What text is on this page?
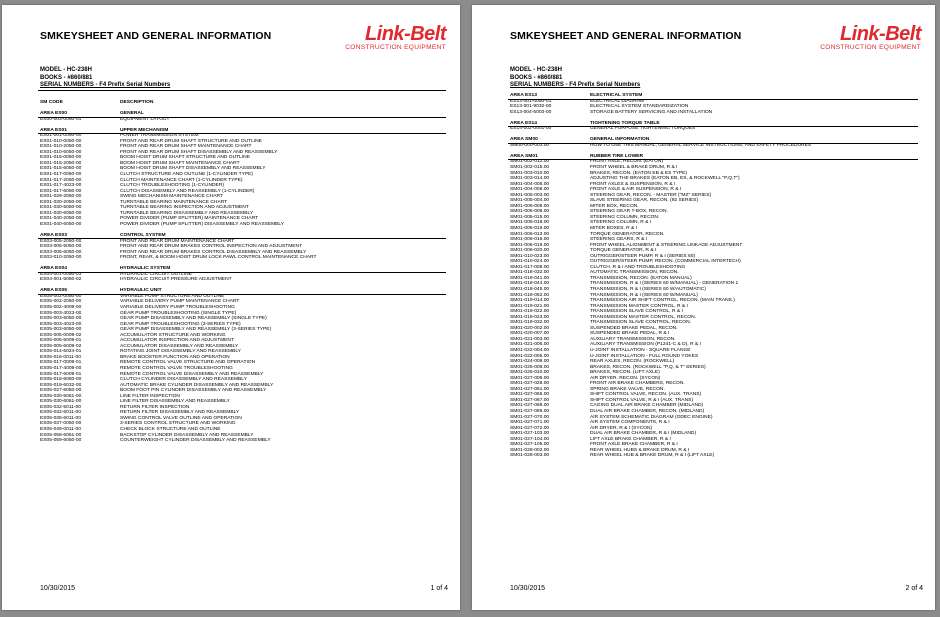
SMKEYSHEET AND GENERAL INFORMATION	Link-Belt
CONSTRUCTION EQUIPMENT
MODEL - HC-238H
BOOKS - #860/881
SERIAL NUMBERS - F4 Prefix Serial Numbers
SM CODE	DESCRIPTION
AREA ES00	GENERAL
ES00-003-0050-01	EQUIPMENT LAYOUT
AREA ES01	UPPER MECHANISM
ES01-001-0050-00	POWER TRANSMISSION SYSTEM
ES01-010-0050-00	FRONT AND REAR DRUM SHAFT STRUCTURE AND OUTLINE
ES01-010-2050-00	FRONT AND REAR DRUM SHAFT MAINTENANCE CHART
ES01-010-6050-00	FRONT AND REAR DRUM SHAFT DISASSEMBLY AND REASSEMBLY
ES01-015-0050-00	BOOM HOIST DRUM SHAFT STRUCTURE AND OUTLINE
ES01-015-2050-00	BOOM HOIST DRUM SHAFT MAINTENANCE CHART
ES01-015-6050-00	BOOM HOIST DRUM SHAFT DISASSEMBLY AND REASSEMBLY
ES01-017-0050-00	CLUTCH STRUCTURE AND OUTLINE (1-CYLINDER TYPE)
ES01-017-2050-00	CLUTCH MAINTENANCE CHART (1-CYLINDER TYPE)
ES01-017-4023-00	CLUTCH TROUBLESHOOTING (1-CYLINDER)
ES01-017-6050-00	CLUTCH DISASSEMBLY AND REASSEMBLY (1-CYLINDER)
ES01-029-2050-00	SWING MECHANISM MAINTENANCE CHART
ES01-030-2050-00	TURNTABLE BEARING MAINTENANCE CHART
ES01-030-5050-00	TURNTABLE BEARING INSPECTION AND ADJUSTMENT
ES01-030-6050-00	TURNTABLE BEARING DISASSEMBLY AND REASSEMBLY
ES01-040-2050-00	POWER DIVIDER (PUMP SPLITTER) MAINTENANCE CHART
ES01-040-6050-00	POWER DIVIDER (PUMP SPLITTER) DISASSEMBLY AND REASSEMBLY
AREA ES03	CONTROL SYSTEM
ES03-005-2050-00	FRONT AND REAR DRUM MAINTENANCE CHART
ES03-005-5050-00	FRONT AND REAR DRUM BRAKES CONTROL INSPECTION AND ADJUSTMENT
ES03-005-6050-00	FRONT AND REAR DRUM BRAKES CONTROL DISASSEMBLY AND REASSEMBLY
ES03-010-2050-00	FRONT, REAR, & BOOM HOIST DRUM LOCK PAWL CONTROL MAINTENANCE CHART
AREA ES04	HYDRAULIC SYSTEM
ES04-001-0050-03	HYDRAULIC CIRCUIT OUTLINE
ES04-001-5050-02	HYDRAULIC CIRCUIT PRESSURE ADJUSTMENT
AREA ES05	HYDRAULIC UNIT
ES05-002-0050-00	VARIABLE PUMP STRUCTURE AND OUTLINE
ES05-002-2050-00	VARIABLE DELIVERY PUMP MAINTENANCE CHART
ES05-002-4009-00	VARIABLE DELIVERY PUMP TROUBLESHOOTING
ES05-003-4023-00	GEAR PUMP TROUBLESHOOTING (SINGLE TYPE)
ES05-003-6050-00	GEAR PUMP DISASSEMBLY AND REASSEMBLY (SINGLE TYPE)
ES05-003-4023-00	GEAR PUMP TROUBLESHOOTING (3-SERIES TYPE)
ES05-003-6050-00	GEAR PUMP DISASSEMBLY AND REASSEMBLY (3-SERIES TYPE)
ES05-005-0009-02	ACCUMULATOR STRUCTURE AND WORKING
ES05-005-5009-01	ACCUMULATOR INSPECTION AND ADJUSTMENT
ES05-005-6009-02	ACCUMULATOR DISASSEMBLY AND REASSEMBLY
ES05-014-6024-01	ROTATING JOINT DISASSEMBLY AND REASSEMBLY
ES05-016-0011-00	BRAKE BOOSTER FUNCTION AND OPERATION
ES05-017-0009-01	REMOTE CONTROL VALVE STRUCTURE AND OPERATION
ES05-017-4009-00	REMOTE CONTROL VALVE TROUBLESHOOTING
ES05-017-6009-01	REMOTE CONTROL VALVE DISASSEMBLY AND REASSEMBLY
ES05-018-6050-00	CLUTCH CYLINDER DISASSEMBLY AND REASSEMBLY
ES05-019-6032-00	AUTOMATIC BRAKE CYLINDER DISASSEMBLY AND REASSEMBLY
ES05-027-6050-00	BOOM FOOT PIN CYLINDER DISASSEMBLY AND REASSEMBLY
ES05-030-5061-00	LINE FILTER INSPECTION
ES05-030-6061-00	LINE FILTER DISASSEMBLY AND REASSEMBLY
ES05-032-5011-00	RETURN FILTER INSPECTION
ES05-032-6011-00	RETURN FILTER DISASSEMBLY AND REASSEMBLY
ES05-035-6011-00	SWING CONTROL VALVE OUTLINE AND OPERATION
ES05-037-0050-00	3-SERIES CONTROL STRUCTURE AND WORKING
ES05-049-0011-00	CHECK BLOCK STRUCTURE AND OUTLINE
ES05-058-6061-00	BACKSTOP CYLINDER DISASSEMBLY AND REASSEMBLY
ES05-059-6050-00	COUNTERWEIGHT CYLINDER DISASSEMBLY AND REASSEMBLY
10/30/2015	1 of 4
SMKEYSHEET AND GENERAL INFORMATION	Link-Belt
CONSTRUCTION EQUIPMENT
MODEL - HC-238H
BOOKS - #860/881
SERIAL NUMBERS - F4 Prefix Serial Numbers
AREA ES13	ELECTRICAL SYSTEM
ES13-001-0050-01	ELECTRICAL DIAGRAM
ES13-001-9032-00	ELECTRICAL SYSTEM STANDARDIZATION
ES13-004-5003-00	STORAGE BATTERY SERVICING AND INSTALLATION
AREA ES14	TIGHTENING TORQUE TABLE
ES14-002-0001-00	GENERAL PURPOSE TIGHTENING TORQUES
AREA SM00	GENERAL INFORMATION
SM00-000-003.00	HOW TO USE THIS MANUAL, GENERAL SERVICE INSTRUCTIONS, AND SAFETY PROCEDURES
AREA SM01	RUBBER TIRE LOWER
SM01-002-012.00	FRONT AXLE, RECON. (EATON)
SM01-002-015.00	FRONT WHEEL & BRAKE DRUM, R & I
SM01-003-010.00	BRAKES, RECON. (EATON EB & ES TYPE)
SM01-003-014.00	ADJUSTING THE BRAKES (EATON EB, ES, & ROCKWELL "P,Q,T")
SM01-004-005.00	FRONT AXLES & SUSPENSION, R & I
SM01-004-008.00	FRONT AXLE & AIR SUSPENSION, R & I
SM01-005-003.00	STEERING GEAR, RECON. - MASTER ("MZ" SERIES)
SM01-005-004.00	SLAVE STEERING GEAR, RECON. (92 SERIES)
SM01-005-006.00	MITER BOX, RECON.
SM01-005-008.00	STEERING GEAR T-BOX, RECON.
SM01-005-015.00	STEERING COLUMN, RECON.
SM01-005-018.00	STEERING COLUMN, R & I
SM01-005-019.00	MITER BOXES, R & I
SM01-006-013.00	TORQUE GENERATOR, RECON.
SM01-006-016.00	STEERING GEARS, R & I
SM01-006-019.00	FRONT WHEEL ALIGNMENT & STEERING LINKAGE ADJUSTMENT
SM01-006-020.00	TORQUE GENERATOR, R & I
SM01-010-023.00	OUTRIGGER/STEER PUMP, R & I (SERIES 60)
SM01-010-024.00	OUTRIGGER/STEER PUMP, RECON. (COMMERCIAL INTERTECH)
SM01-017-008.00	CLUTCH, R & I AND TROUBLESHOOTING
SM01-018-032.00	AUTOMATIC TRANSMISSION, RECON.
SM01-018-041.00	TRANSMISSION, RECON. (EATON MANUAL)
SM01-018-044.00	TRANSMISSION, R & I (SERIES 60 W/MANUAL) - GENERATION 1
SM01-018-045.00	TRANSMISSION, R & I (SERIES 60 W/AUTOMATIC)
SM01-018-052.00	TRANSMISSION, R & I (SERIES 60 W/MANUAL)
SM01-019-014.00	TRANSMISSION AIR SHIFT CONTROL, RECON. (MAIN TRANS.)
SM01-019-021.00	TRANSMISSION MASTER CONTROL, R & I
SM01-019-022.00	TRANSMISSION SLAVE CONTROL, R & I
SM01-019-023.00	TRANSMISSION MASTER CONTROL, RECON.
SM01-019-032.00	TRANSMISSION SLAVE CONTROL, RECON.
SM01-020-002.00	SUSPENDED BRAKE PEDAL, RECON.
SM01-020-007.00	SUSPENDED BRAKE PEDAL, R & I
SM01-021-003.00	AUXILIARY TRANSMISSION, RECON.
SM01-021-006.00	AUXILIARY TRANSMISSION (P1241-C & D), R & I
SM01-022-004.00	U-JOINT INSTALLATION - SQUARE FLANGE
SM01-022-005.00	U-JOINT INSTALLATION - FULL ROUND YOKES
SM01-024-008.00	REAR AXLES, RECON. (ROCKWELL)
SM01-025-008.00	BRAKES, RECON. (ROCKWELL "P,Q, & T" SERIES)
SM01-025-010.00	BRAKES, RECON. (LIFT AXLE)
SM01-027-009.00	AIR DRYER, RECON. (SYCON)
SM01-027-028.00	FRONT AIR BRAKE CHAMBERS, RECON.
SM01-027-061.00	SPRING BRAKE VALVE, RECON.
SM01-027-065.00	SHIFT CONTROL VALVE, RECON. (AUX. TRANS)
SM01-027-067.00	SHIFT CONTROL VALVE, R & I (AUX. TRANS)
SM01-027-068.00	CAGING DUAL AIR BRAKE CHAMBER (MIDLAND)
SM01-027-069.00	DUAL AIR BRAKE CHAMBER, RECON. (MIDLAND)
SM01-027-070.00	AIR SYSTEM SCHEMATIC DIAGRAM (ODEC ENGINE)
SM01-027-071.00	AIR SYSTEM COMPONENTS, R & I
SM01-027-072.00	AIR DRYER, R & I (SYCON)
SM01-027-103.00	DUAL AIR BRAKE CHAMBER, R & I (MIDLAND)
SM01-027-104.00	LIFT AXLE BRAKE CHAMBER, R & I
SM01-027-105.00	FRONT AXLE BRAKE CHAMBER, R & I
SM01-028-002.00	REAR WHEEL HUBS & BRAKE DRUM, R & I
SM01-028-003.00	REAR WHEEL HUB & BRAKE DRUM, R & I (LIFT AXLE)
10/30/2015	2 of 4
